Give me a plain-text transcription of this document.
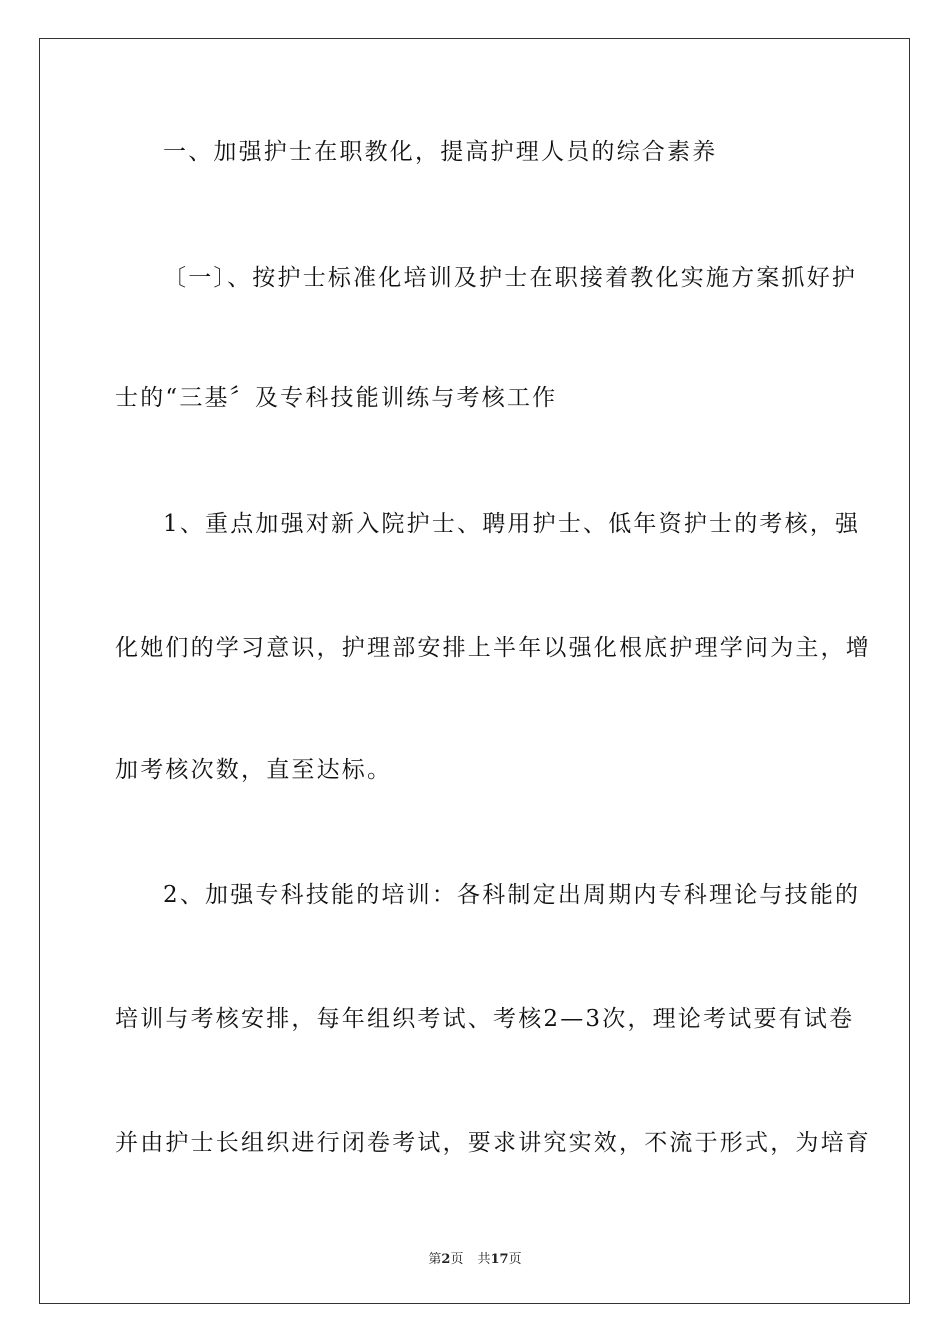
一、加强护士在职教化，提高护理人员的综合素养
〔一〕、按护士标准化培训及护士在职接着教化实施方案抓好护
士的“三基〞及专科技能训练与考核工作
1、重点加强对新入院护士、聘用护士、低年资护士的考核，强
化她们的学习意识，护理部安排上半年以强化根底护理学问为主，增
加考核次数，直至达标。
2、加强专科技能的培训：各科制定出周期内专科理论与技能的
培训与考核安排，每年组织考试、考核2—3次，理论考试要有试卷
并由护士长组织进行闭卷考试，要求讲究实效，不流于形式，为培育
第2页 共17页
